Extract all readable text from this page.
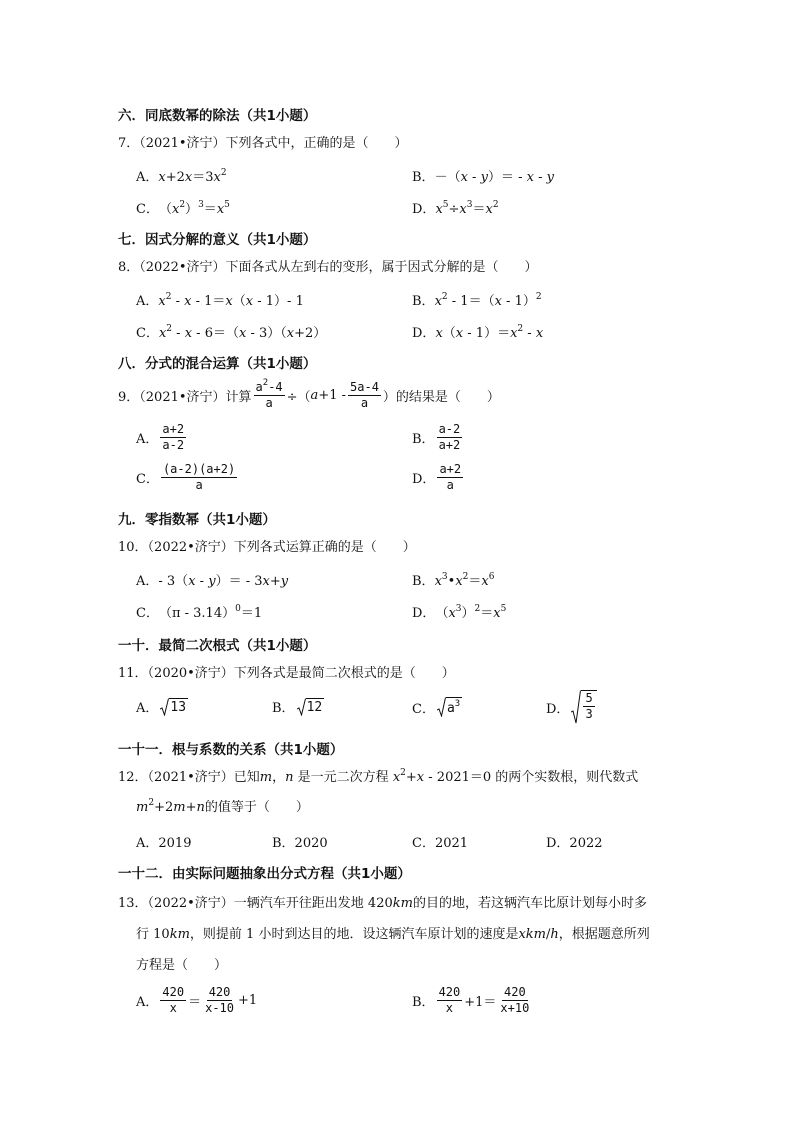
六．同底数幂的除法（共1小题）
7．（2021•济宁）下列各式中，正确的是（　　）
A． $x+2x=3x^2$	B． －（x - y）＝ - x - y
C． $(x^2)^3=x^5$	D． $x^5\div x^3=x^2$
七．因式分解的意义（共1小题）
8．（2022•济宁）下面各式从左到右的变形，属于因式分解的是（　　）
A． $x^2 - x - 1=x(x - 1)-$ 1	B． $x^2 - 1=(x - 1)^2$
C． $x^2 - x - 6=(x - 3)(x+2)$	D． $x(x - 1)=x^2 - x$
八．分式的混合运算（共1小题）
9．（2021•济宁）计算 $\frac{a^2-4}{a}$ ÷（ $a +1 - \frac{5a-4}{a}$ ）的结果是（　　）
A． $\frac{a+2}{a-2}$	B． $\frac{a-2}{a+2}$
C． $\frac{(a-2)(a+2)}{a}$	D． $\frac{a+2}{a}$
九．零指数幂（共1小题）
10．（2022•济宁）下列各式运算正确的是（　　）
A． - 3（x - y）＝ - 3x+y	B． $x^3•x^2=x^6$
C． （π - 3.14）$^0$＝1	D． $(x^3)^2=x^5$
一十．最简二次根式（共1小题）
11．（2020•济宁）下列各式是最简二次根式的是（　　）
A． 13	B． 12	C． $a^3$	D． $\frac{5}{3}$
一十一．根与系数的关系（共1小题）
12．（2021•济宁）已知m，n 是一元二次方程 $x^2+x - 2021=0$ 的两个实数根，则代数式
$m^2+2m+n$的值等于（　　）
A．2019	B．2020	C．2021	D．2022
一十二．由实际问题抽象出分式方程（共1小题）
13．（2022•济宁）一辆汽车开往距出发地 420km的目的地，若这辆汽车比原计划每小时多
行 10km，则提前 1 小时到达目的地．设这辆汽车原计划的速度是xkm/h，根据题意所列
方程是（　　）
A． $\frac{420}{x} = \frac{420}{x-10} +1$	B． $\frac{420}{x} +1= \frac{420}{x+10}$
